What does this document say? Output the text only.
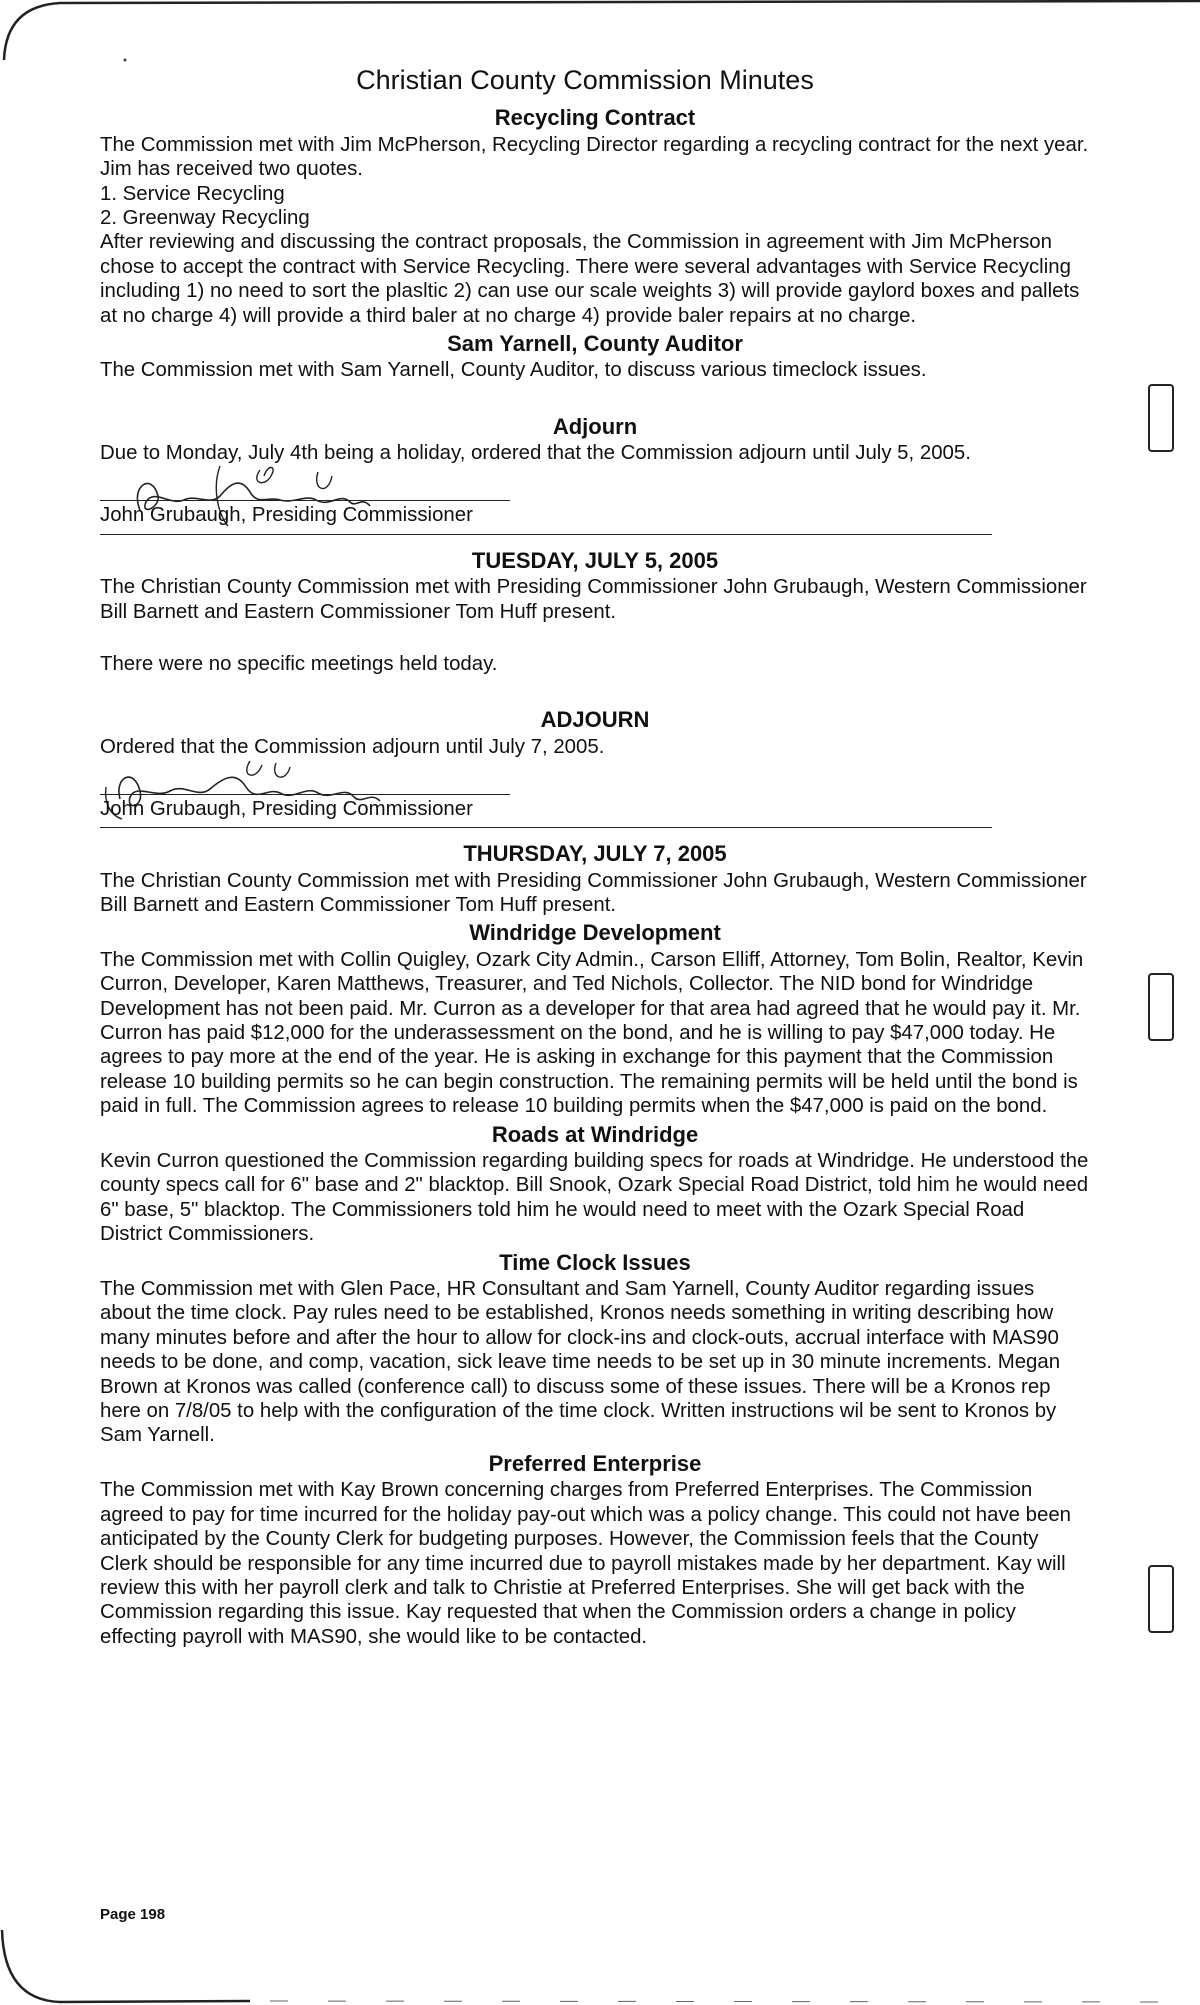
Christian County Commission Minutes
Recycling Contract

The Commission met with Jim McPherson, Recycling Director regarding a recycling contract for the next year. Jim has received two quotes.

1. Service Recycling

2. Greenway Recycling

After reviewing and discussing the contract proposals, the Commission in agreement with Jim McPherson chose to accept the contract with Service Recycling. There were several advantages with Service Recycling including 1) no need to sort the plasltic 2) can use our scale weights 3) will provide gaylord boxes and pallets at no charge 4) will provide a third baler at no charge 4) provide baler repairs at no charge.

Sam Yarnell, County Auditor

The Commission met with Sam Yarnell, County Auditor, to discuss various timeclock issues.

Adjourn

Due to Monday, July 4th being a holiday, ordered that the Commission adjourn until July 5, 2005.

John Grubaugh, Presiding Commissioner
TUESDAY, JULY 5, 2005

The Christian County Commission met with Presiding Commissioner John Grubaugh, Western Commissioner Bill Barnett and Eastern Commissioner Tom Huff present.

There were no specific meetings held today.

ADJOURN

Ordered that the Commission adjourn until July 7, 2005.

John Grubaugh, Presiding Commissioner
THURSDAY, JULY 7, 2005

The Christian County Commission met with Presiding Commissioner John Grubaugh, Western Commissioner Bill Barnett and Eastern Commissioner Tom Huff present.

Windridge Development

The Commission met with Collin Quigley, Ozark City Admin., Carson Elliff, Attorney, Tom Bolin, Realtor, Kevin Curron, Developer, Karen Matthews, Treasurer, and Ted Nichols, Collector. The NID bond for Windridge Development has not been paid. Mr. Curron as a developer for that area had agreed that he would pay it. Mr. Curron has paid $12,000 for the underassessment on the bond, and he is willing to pay $47,000 today. He agrees to pay more at the end of the year. He is asking in exchange for this payment that the Commission release 10 building permits so he can begin construction. The remaining permits will be held until the bond is paid in full. The Commission agrees to release 10 building permits when the $47,000 is paid on the bond.

Roads at Windridge

Kevin Curron questioned the Commission regarding building specs for roads at Windridge. He understood the county specs call for 6" base and 2" blacktop. Bill Snook, Ozark Special Road District, told him he would need 6" base, 5" blacktop. The Commissioners told him he would need to meet with the Ozark Special Road District Commissioners.

Time Clock Issues

The Commission met with Glen Pace, HR Consultant and Sam Yarnell, County Auditor regarding issues about the time clock. Pay rules need to be established, Kronos needs something in writing describing how many minutes before and after the hour to allow for clock-ins and clock-outs, accrual interface with MAS90 needs to be done, and comp, vacation, sick leave time needs to be set up in 30 minute increments. Megan Brown at Kronos was called (conference call) to discuss some of these issues. There will be a Kronos rep here on 7/8/05 to help with the configuration of the time clock. Written instructions wil be sent to Kronos by Sam Yarnell.

Preferred Enterprise

The Commission met with Kay Brown concerning charges from Preferred Enterprises. The Commission agreed to pay for time incurred for the holiday pay-out which was a policy change. This could not have been anticipated by the County Clerk for budgeting purposes. However, the Commission feels that the County Clerk should be responsible for any time incurred due to payroll mistakes made by her department. Kay will review this with her payroll clerk and talk to Christie at Preferred Enterprises. She will get back with the Commission regarding this issue. Kay requested that when the Commission orders a change in policy effecting payroll with MAS90, she would like to be contacted.

Page 198
